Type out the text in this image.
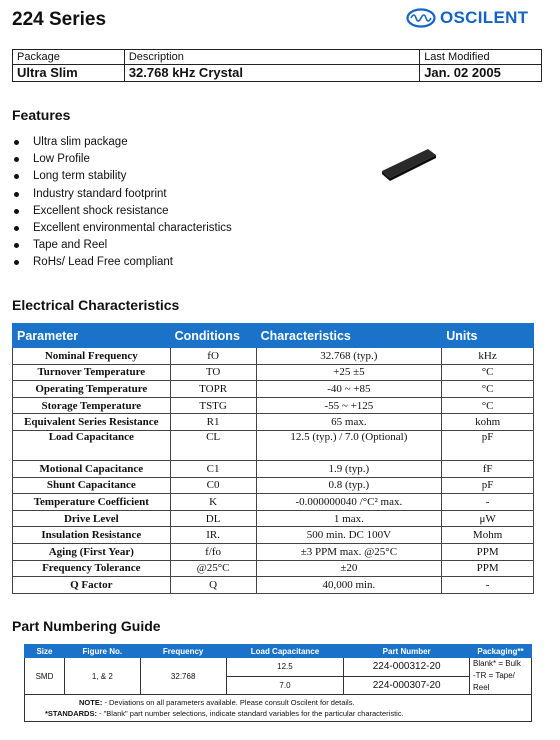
224 Series	OSCILENT
Package	Description	Last Modified
Ultra Slim	32.768 kHz Crystal	Jan. 02 2005
Features
Ultra slim package
Low Profile
Long term stability
Industry standard footprint
Excellent shock resistance
Excellent environmental characteristics
Tape and Reel
RoHs/ Lead Free compliant
Electrical Characteristics
Parameter	Conditions	Characteristics	Units
Nominal Frequency	fO	32.768 (typ.)	kHz
Turnover Temperature	TO	+25 ±5	°C
Operating Temperature	TOPR	-40 ~ +85	°C
Storage Temperature	TSTG	-55 ~ +125	°C
Equivalent Series Resistance	R1	65 max.	kohm
Load Capacitance	CL	12.5 (typ.) / 7.0 (Optional)	pF
Motional Capacitance	C1	1.9 (typ.)	fF
Shunt Capacitance	C0	0.8 (typ.)	pF
Temperature Coefficient	K	-0.000000040 /°C² max.	-
Drive Level	DL	1 max.	μW
Insulation Resistance	IR.	500 min. DC 100V	Mohm
Aging (First Year)	f/fo	±3 PPM max. @25°C	PPM
Frequency Tolerance	@25°C	±20	PPM
Q Factor	Q	40,000 min.	-
Part Numbering Guide
Size	Figure No.	Frequency	Load Capacitance	Part Number	Packaging**
SMD	1, & 2	32.768	12.5	224-000312-20	Blank* = Bulk
-TR = Tape/ Reel

			7.0	224-000307-20	

NOTE: - Deviations on all parameters available. Please consult Oscilent for details.
*STANDARDS: - "Blank" part number selections, indicate standard variables for the particular characteristic.					
